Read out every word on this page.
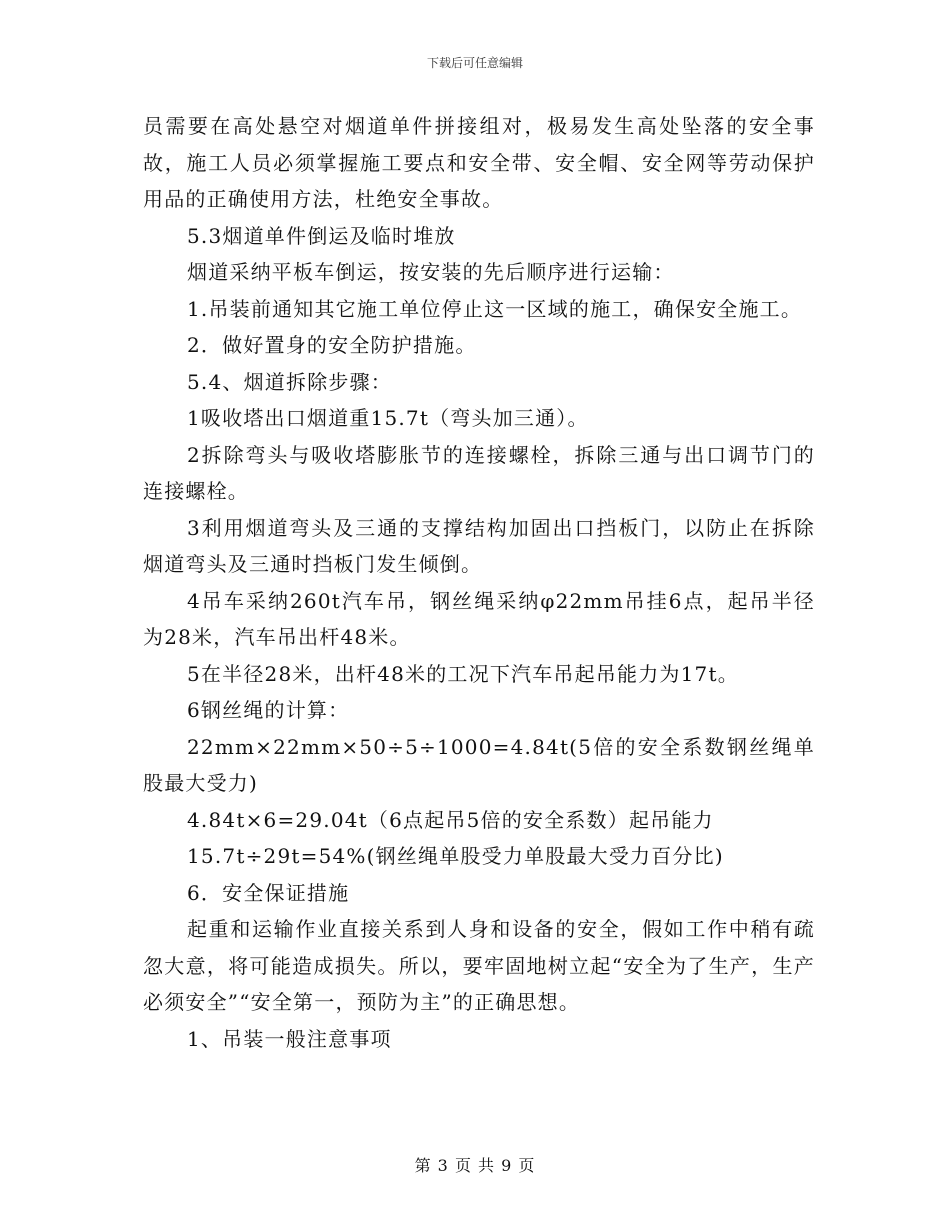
下载后可任意编辑

员需要在高处悬空对烟道单件拼接组对，极易发生高处坠落的安全事故，施工人员必须掌握施工要点和安全带、安全帽、安全网等劳动保护用品的正确使用方法，杜绝安全事故。

5.3烟道单件倒运及临时堆放

烟道采纳平板车倒运，按安装的先后顺序进行运输：

1.吊装前通知其它施工单位停止这一区域的施工，确保安全施工。

2．做好置身的安全防护措施。

5.4、烟道拆除步骤：

1吸收塔出口烟道重15.7t（弯头加三通）。

2拆除弯头与吸收塔膨胀节的连接螺栓，拆除三通与出口调节门的连接螺栓。

3利用烟道弯头及三通的支撑结构加固出口挡板门，以防止在拆除烟道弯头及三通时挡板门发生倾倒。

4吊车采纳260t汽车吊，钢丝绳采纳φ22mm吊挂6点，起吊半径为28米，汽车吊出杆48米。

5在半径28米，出杆48米的工况下汽车吊起吊能力为17t。

6钢丝绳的计算：

22mm×22mm×50÷5÷1000=4.84t(5倍的安全系数钢丝绳单股最大受力)

4.84t×6=29.04t（6点起吊5倍的安全系数）起吊能力

15.7t÷29t=54%(钢丝绳单股受力单股最大受力百分比)

6．安全保证措施

起重和运输作业直接关系到人身和设备的安全，假如工作中稍有疏忽大意，将可能造成损失。所以，要牢固地树立起“安全为了生产，生产必须安全”“安全第一，预防为主”的正确思想。

1、吊装一般注意事项

第 3 页 共 9 页
